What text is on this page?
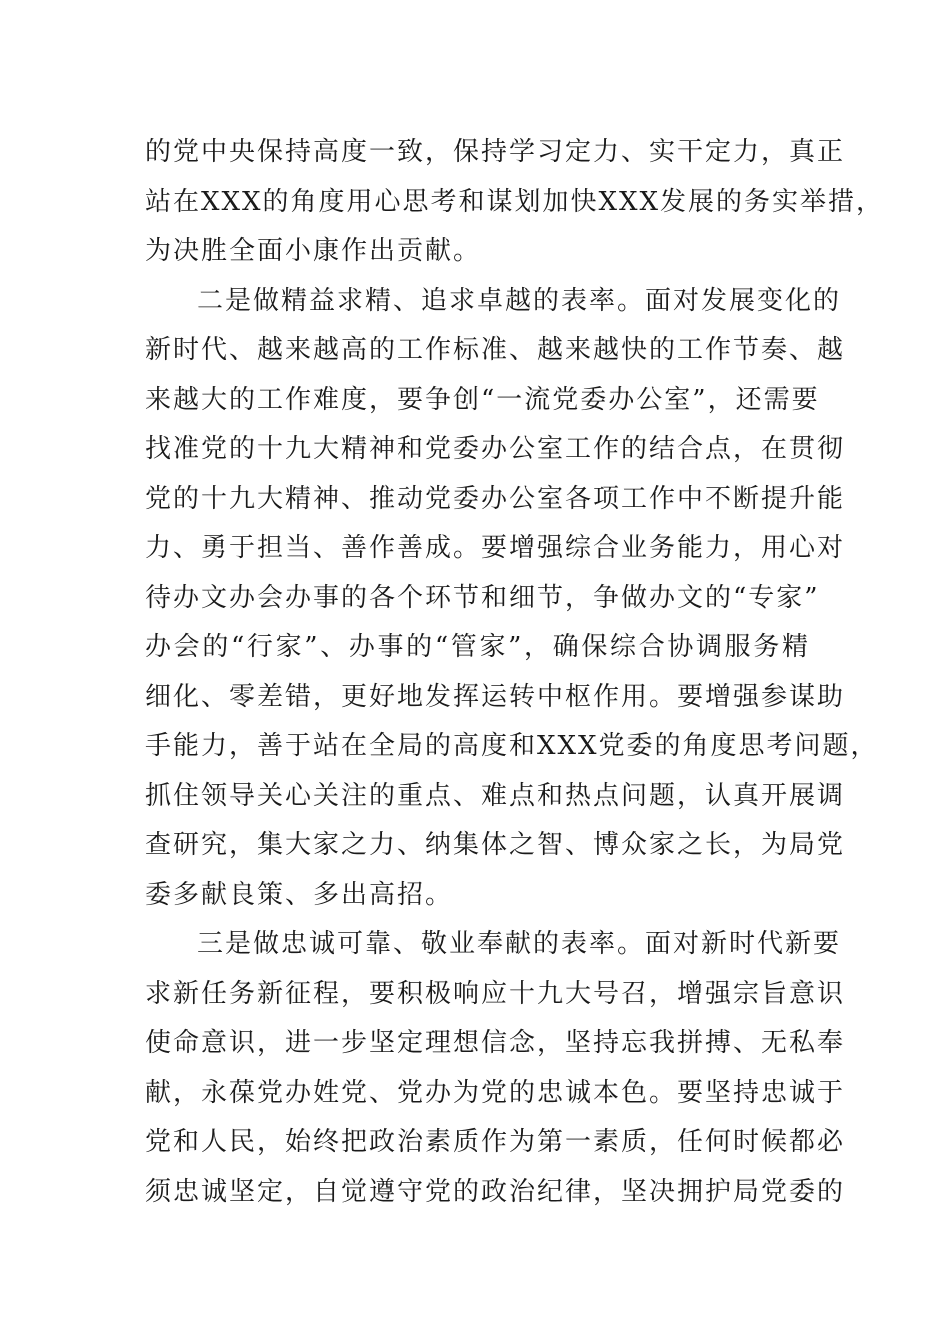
的党中央保持高度一致，保持学习定力、实干定力，真正
站在XXX的角度用心思考和谋划加快XXX发展的务实举措，
为决胜全面小康作出贡献。
二是做精益求精、追求卓越的表率。面对发展变化的
新时代、越来越高的工作标准、越来越快的工作节奏、越
来越大的工作难度，要争创“一流党委办公室”，还需要
找准党的十九大精神和党委办公室工作的结合点，在贯彻
党的十九大精神、推动党委办公室各项工作中不断提升能
力、勇于担当、善作善成。要增强综合业务能力，用心对
待办文办会办事的各个环节和细节，争做办文的“专家”
办会的“行家”、办事的“管家”，确保综合协调服务精
细化、零差错，更好地发挥运转中枢作用。要增强参谋助
手能力，善于站在全局的高度和XXX党委的角度思考问题，
抓住领导关心关注的重点、难点和热点问题，认真开展调
查研究，集大家之力、纳集体之智、博众家之长，为局党
委多献良策、多出高招。
三是做忠诚可靠、敬业奉献的表率。面对新时代新要
求新任务新征程，要积极响应十九大号召，增强宗旨意识
使命意识，进一步坚定理想信念，坚持忘我拼搏、无私奉
献，永葆党办姓党、党办为党的忠诚本色。要坚持忠诚于
党和人民，始终把政治素质作为第一素质，任何时候都必
须忠诚坚定，自觉遵守党的政治纪律，坚决拥护局党委的
